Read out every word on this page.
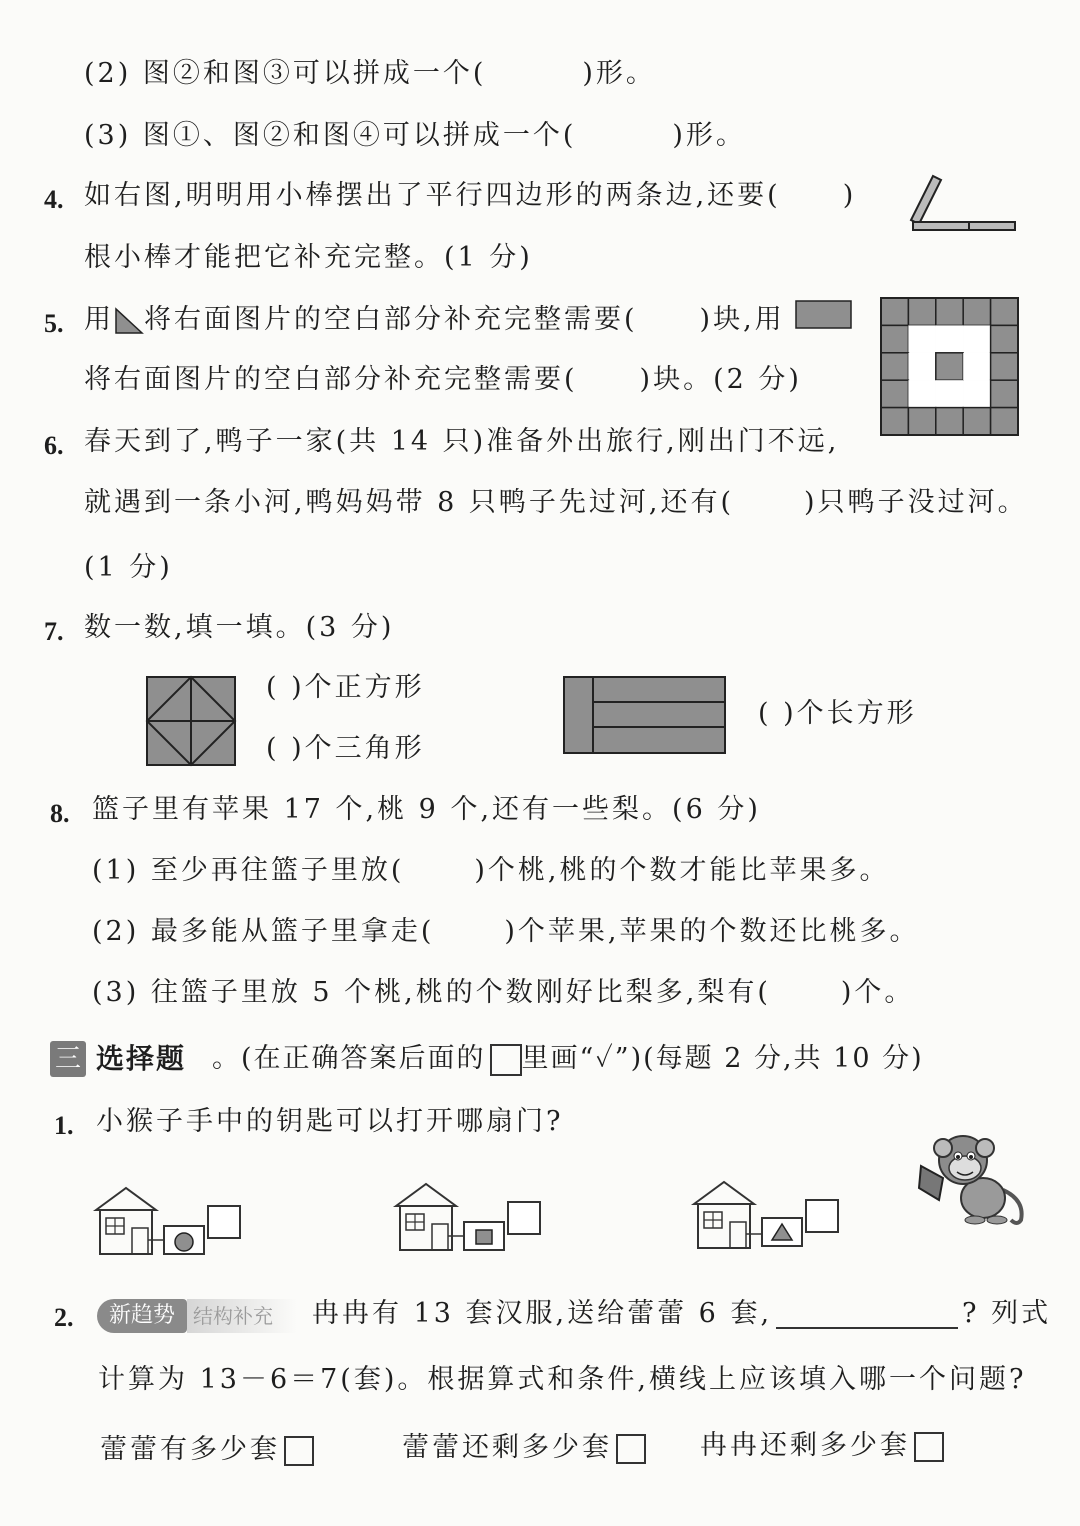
(2) 图②和图③可以拼成一个(	)形。
(3) 图①、图②和图④可以拼成一个(	)形。
4. 如右图,明明用小棒摆出了平行四边形的两条边,还要( )
根小棒才能把它补充完整。(1 分)
5. 用 将右面图片的空白部分补充完整需要( )块,用
将右面图片的空白部分补充完整需要( )块。(2 分)
6. 春天到了,鸭子一家(共 14 只)准备外出旅行,刚出门不远,
就遇到一条小河,鸭妈妈带 8 只鸭子先过河,还有(	)只鸭子没过河。
(1 分)
7. 数一数,填一填。(3 分)
( )个正方形
( )个三角形
( )个长方形
8. 篮子里有苹果 17 个,桃 9 个,还有一些梨。(6 分)
(1) 至少再往篮子里放(	)个桃,桃的个数才能比苹果多。
(2) 最多能从篮子里拿走(	)个苹果,苹果的个数还比桃多。
(3) 往篮子里放 5 个桃,桃的个数刚好比梨多,梨有(	)个。
三 选择题 。(在正确答案后面的 里画“✓”)(每题 2 分,共 10 分)
1. 小猴子手中的钥匙可以打开哪扇门?
2.	新趋势 结构补充	冉冉有 13 套汉服,送给蕾蕾 6 套,	? 列式
计算为 13－6＝7(套)。根据算式和条件,横线上应该填入哪一个问题?
蕾蕾有多少套	蕾蕾还剩多少套	冉冉还剩多少套
